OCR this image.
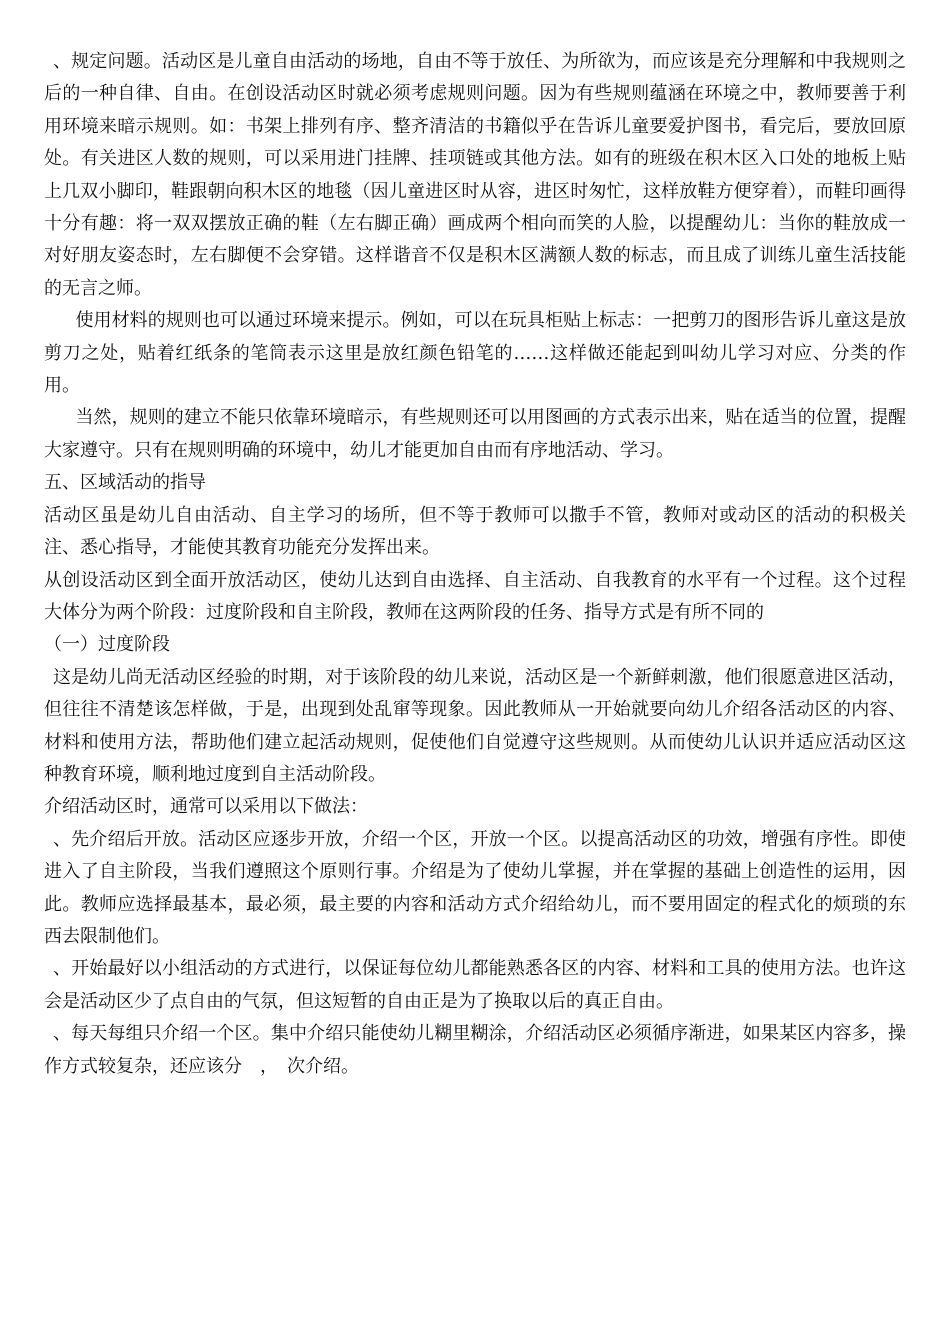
、规定问题。活动区是儿童自由活动的场地，自由不等于放任、为所欲为，而应该是充分理解和中我规则之后的一种自律、自由。在创设活动区时就必须考虑规则问题。因为有些规则蕴涵在环境之中，教师要善于利用环境来暗示规则。如：书架上排列有序、整齐清洁的书籍似乎在告诉儿童要爱护图书，看完后，要放回原处。有关进区人数的规则，可以采用进门挂牌、挂项链或其他方法。如有的班级在积木区入口处的地板上贴上几双小脚印，鞋跟朝向积木区的地毯（因儿童进区时从容，进区时匆忙，这样放鞋方便穿着），而鞋印画得十分有趣：将一双双摆放正确的鞋（左右脚正确）画成两个相向而笑的人脸，以提醒幼儿：当你的鞋放成一对好朋友姿态时，左右脚便不会穿错。这样谐音不仅是积木区满额人数的标志，而且成了训练儿童生活技能的无言之师。

使用材料的规则也可以通过环境来提示。例如，可以在玩具柜贴上标志：一把剪刀的图形告诉儿童这是放剪刀之处，贴着红纸条的笔筒表示这里是放红颜色铅笔的……这样做还能起到叫幼儿学习对应、分类的作用。

当然，规则的建立不能只依靠环境暗示，有些规则还可以用图画的方式表示出来，贴在适当的位置，提醒大家遵守。只有在规则明确的环境中，幼儿才能更加自由而有序地活动、学习。

五、区域活动的指导

活动区虽是幼儿自由活动、自主学习的场所，但不等于教师可以撒手不管，教师对或动区的活动的积极关注、悉心指导，才能使其教育功能充分发挥出来。

从创设活动区到全面开放活动区，使幼儿达到自由选择、自主活动、自我教育的水平有一个过程。这个过程大体分为两个阶段：过度阶段和自主阶段，教师在这两阶段的任务、指导方式是有所不同的

（一）过度阶段

这是幼儿尚无活动区经验的时期，对于该阶段的幼儿来说，活动区是一个新鲜刺激，他们很愿意进区活动，但往往不清楚该怎样做，于是，出现到处乱窜等现象。因此教师从一开始就要向幼儿介绍各活动区的内容、材料和使用方法，帮助他们建立起活动规则，促使他们自觉遵守这些规则。从而使幼儿认识并适应活动区这种教育环境，顺利地过度到自主活动阶段。

介绍活动区时，通常可以采用以下做法：

、先介绍后开放。活动区应逐步开放，介绍一个区，开放一个区。以提高活动区的功效，增强有序性。即使进入了自主阶段，当我们遵照这个原则行事。介绍是为了使幼儿掌握，并在掌握的基础上创造性的运用，因此。教师应选择最基本，最必须，最主要的内容和活动方式介绍给幼儿，而不要用固定的程式化的烦琐的东西去限制他们。

、开始最好以小组活动的方式进行，以保证每位幼儿都能熟悉各区的内容、材料和工具的使用方法。也许这会是活动区少了点自由的气氛，但这短暂的自由正是为了换取以后的真正自由。

、每天每组只介绍一个区。集中介绍只能使幼儿糊里糊涂，介绍活动区必须循序渐进，如果某区内容多，操作方式较复杂，还应该分　，　次介绍。
